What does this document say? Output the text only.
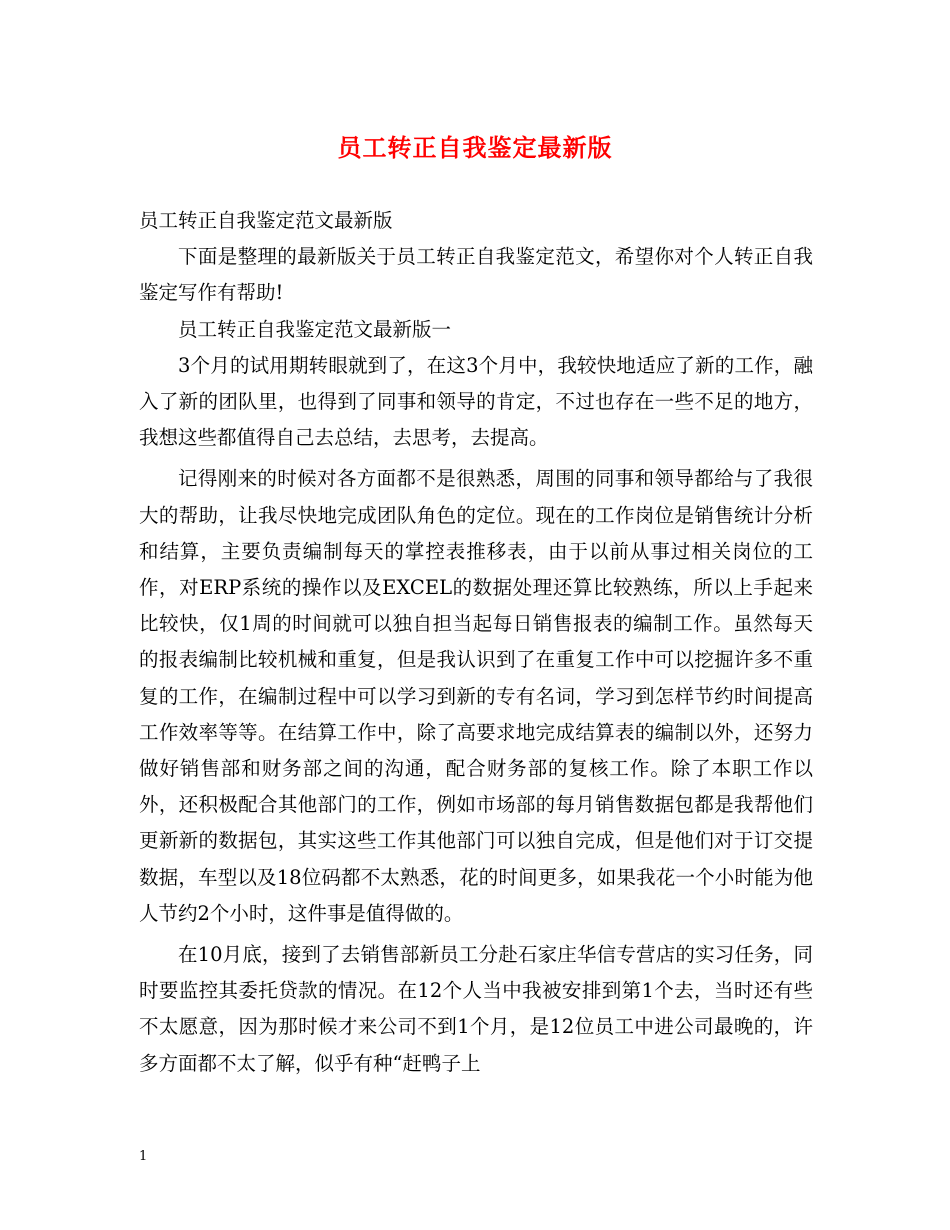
员工转正自我鉴定最新版

员工转正自我鉴定范文最新版

下面是整理的最新版关于员工转正自我鉴定范文，希望你对个人转正自我鉴定写作有帮助!

员工转正自我鉴定范文最新版一

3个月的试用期转眼就到了，在这3个月中，我较快地适应了新的工作，融入了新的团队里，也得到了同事和领导的肯定，不过也存在一些不足的地方，我想这些都值得自己去总结，去思考，去提高。

记得刚来的时候对各方面都不是很熟悉，周围的同事和领导都给与了我很大的帮助，让我尽快地完成团队角色的定位。现在的工作岗位是销售统计分析和结算，主要负责编制每天的掌控表推移表，由于以前从事过相关岗位的工作，对ERP系统的操作以及EXCEL的数据处理还算比较熟练，所以上手起来比较快，仅1周的时间就可以独自担当起每日销售报表的编制工作。虽然每天的报表编制比较机械和重复，但是我认识到了在重复工作中可以挖掘许多不重复的工作，在编制过程中可以学习到新的专有名词，学习到怎样节约时间提高工作效率等等。在结算工作中，除了高要求地完成结算表的编制以外，还努力做好销售部和财务部之间的沟通，配合财务部的复核工作。除了本职工作以外，还积极配合其他部门的工作，例如市场部的每月销售数据包都是我帮他们更新新的数据包，其实这些工作其他部门可以独自完成，但是他们对于订交提数据，车型以及18位码都不太熟悉，花的时间更多，如果我花一个小时能为他人节约2个小时，这件事是值得做的。

在10月底，接到了去销售部新员工分赴石家庄华信专营店的实习任务，同时要监控其委托贷款的情况。在12个人当中我被安排到第1个去，当时还有些不太愿意，因为那时候才来公司不到1个月，是12位员工中进公司最晚的，许多方面都不太了解，似乎有种“赶鸭子上

1
